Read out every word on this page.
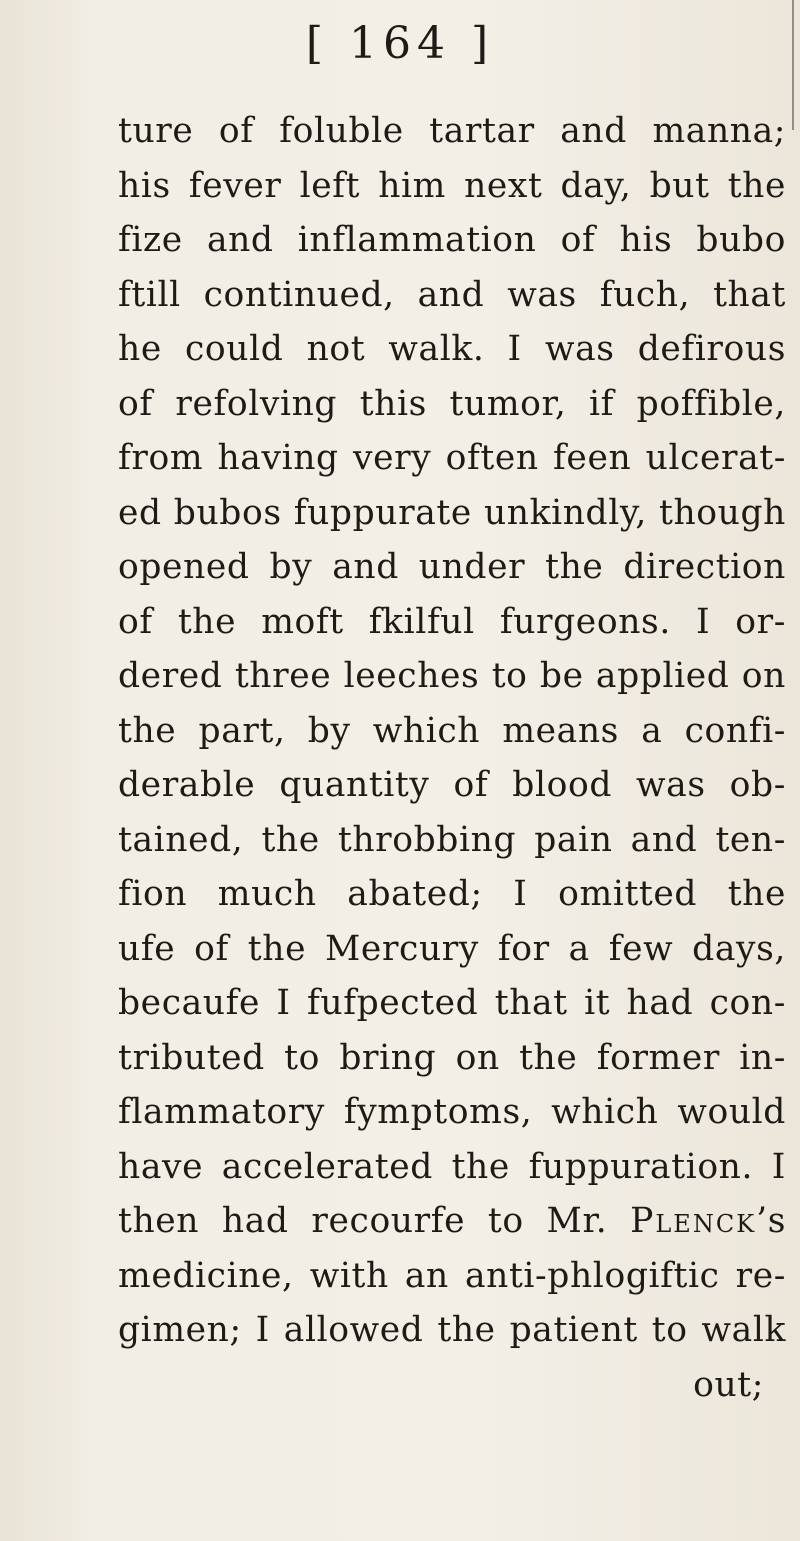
[ 164 ]
ture of foluble tartar and manna;
his fever left him next day, but the
fize and inflammation of his bubo
ftill continued, and was fuch, that
he could not walk. I was defirous
of refolving this tumor, if poffible,
from having very often feen ulcerat-
ed bubos fuppurate unkindly, though
opened by and under the direction
of the moft fkilful furgeons. I or-
dered three leeches to be applied on
the part, by which means a confi-
derable quantity of blood was ob-
tained, the throbbing pain and ten-
fion much abated; I omitted the
ufe of the Mercury for a few days,
becaufe I fufpected that it had con-
tributed to bring on the former in-
flammatory fymptoms, which would
have accelerated the fuppuration. I
then had recourfe to Mr. Plenck’s
medicine, with an anti-phlogiftic re-
gimen; I allowed the patient to walk
out;
